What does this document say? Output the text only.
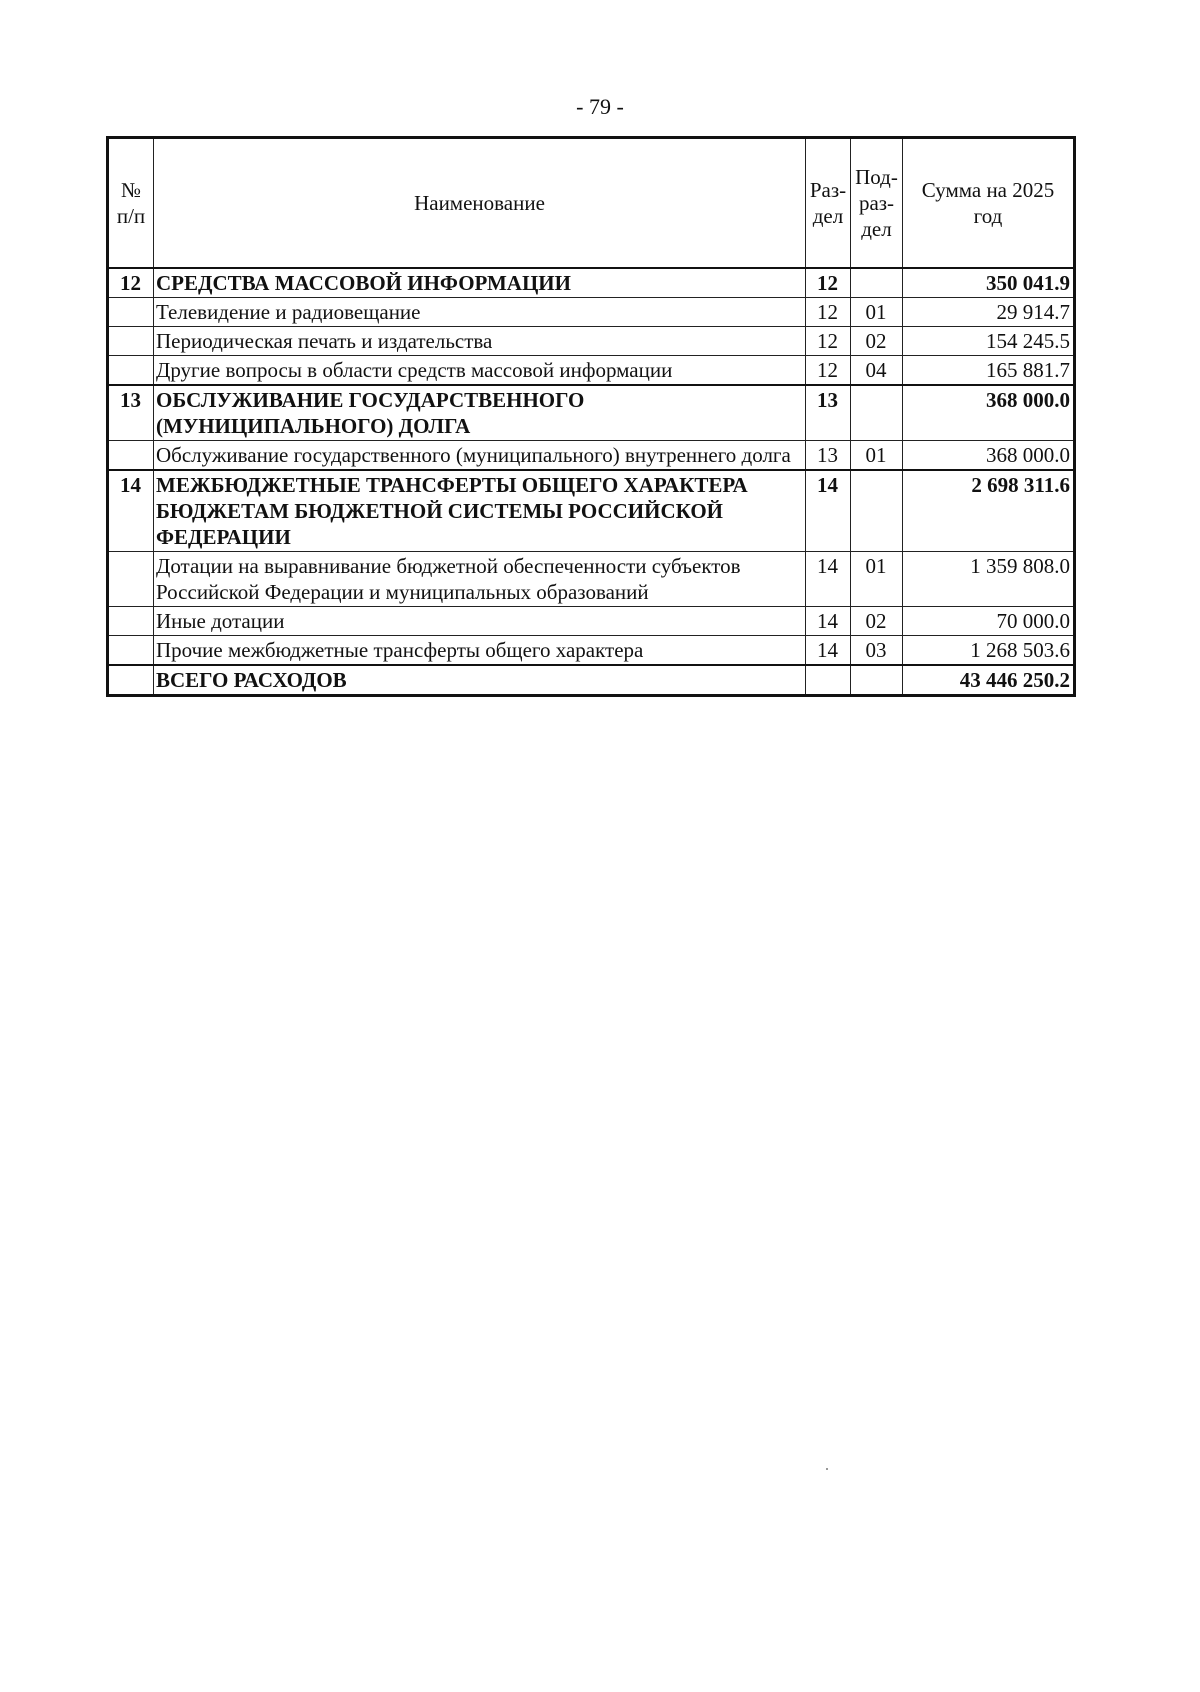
- 79 -
№ п/п	Наименование	Раз-дел	Под-раз-дел	Сумма на 2025 год
12	СРЕДСТВА МАССОВОЙ ИНФОРМАЦИИ	12		350 041.9
	Телевидение и радиовещание	12	01	29 914.7
	Периодическая печать и издательства	12	02	154 245.5
	Другие вопросы в области средств массовой информации	12	04	165 881.7
13	ОБСЛУЖИВАНИЕ ГОСУДАРСТВЕННОГО (МУНИЦИПАЛЬНОГО) ДОЛГА	13		368 000.0
	Обслуживание государственного (муниципального) внутреннего долга	13	01	368 000.0
14	МЕЖБЮДЖЕТНЫЕ ТРАНСФЕРТЫ ОБЩЕГО ХАРАКТЕРА БЮДЖЕТАМ БЮДЖЕТНОЙ СИСТЕМЫ РОССИЙСКОЙ ФЕДЕРАЦИИ	14		2 698 311.6
	Дотации на выравнивание бюджетной обеспеченности субъектов Российской Федерации и муниципальных образований	14	01	1 359 808.0
	Иные дотации	14	02	70 000.0
	Прочие межбюджетные трансферты общего характера	14	03	1 268 503.6
	ВСЕГО РАСХОДОВ			43 446 250.2
